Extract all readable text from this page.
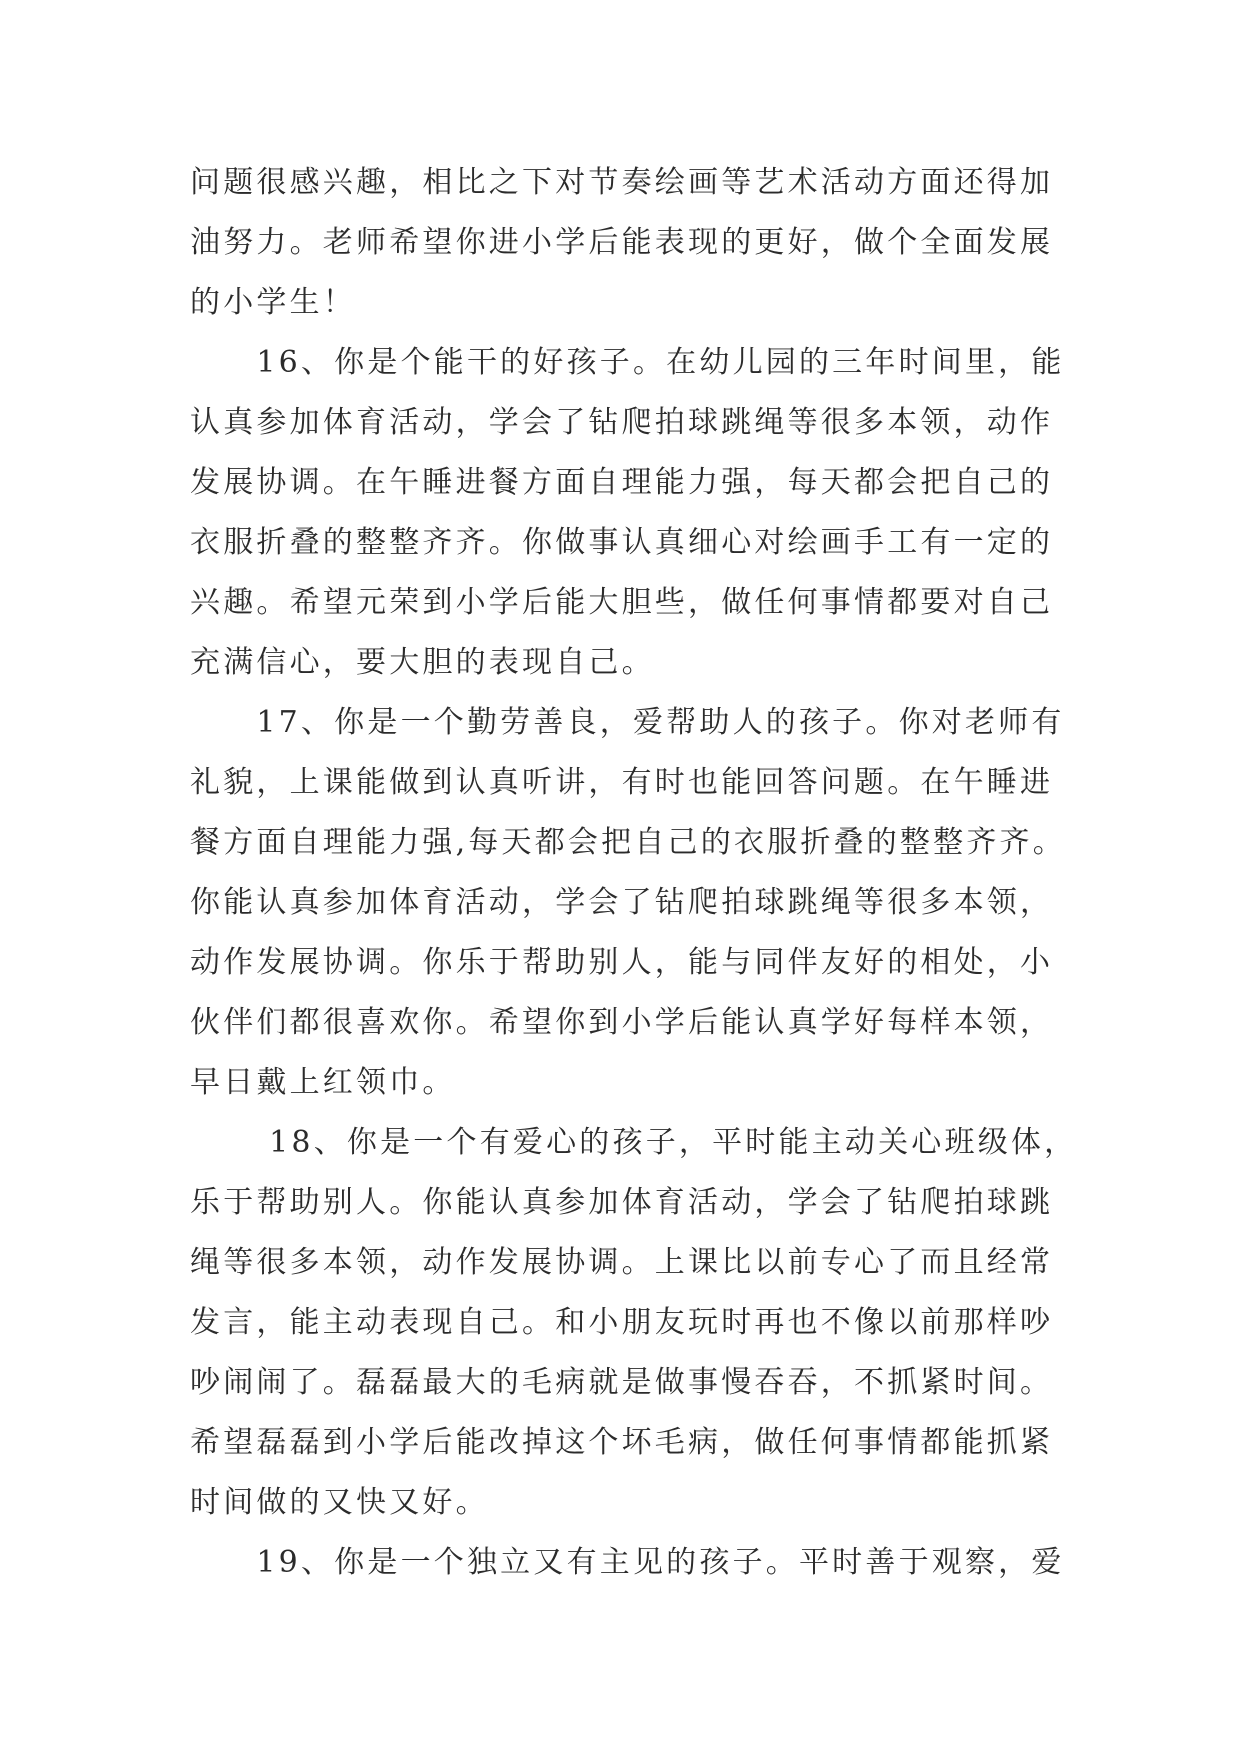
问题很感兴趣，相比之下对节奏绘画等艺术活动方面还得加
油努力。老师希望你进小学后能表现的更好，做个全面发展
的小学生！
　　16、你是个能干的好孩子。在幼儿园的三年时间里，能
认真参加体育活动，学会了钻爬拍球跳绳等很多本领，动作
发展协调。在午睡进餐方面自理能力强，每天都会把自己的
衣服折叠的整整齐齐。你做事认真细心对绘画手工有一定的
兴趣。希望元荣到小学后能大胆些，做任何事情都要对自己
充满信心，要大胆的表现自己。
　　17、你是一个勤劳善良，爱帮助人的孩子。你对老师有
礼貌，上课能做到认真听讲，有时也能回答问题。在午睡进
餐方面自理能力强,每天都会把自己的衣服折叠的整整齐齐。
你能认真参加体育活动，学会了钻爬拍球跳绳等很多本领，
动作发展协调。你乐于帮助别人，能与同伴友好的相处，小
伙伴们都很喜欢你。希望你到小学后能认真学好每样本领，
早日戴上红领巾。
　　 18、你是一个有爱心的孩子，平时能主动关心班级体，
乐于帮助别人。你能认真参加体育活动，学会了钻爬拍球跳
绳等很多本领，动作发展协调。上课比以前专心了而且经常
发言，能主动表现自己。和小朋友玩时再也不像以前那样吵
吵闹闹了。磊磊最大的毛病就是做事慢吞吞，不抓紧时间。
希望磊磊到小学后能改掉这个坏毛病，做任何事情都能抓紧
时间做的又快又好。
　　19、你是一个独立又有主见的孩子。平时善于观察，爱
